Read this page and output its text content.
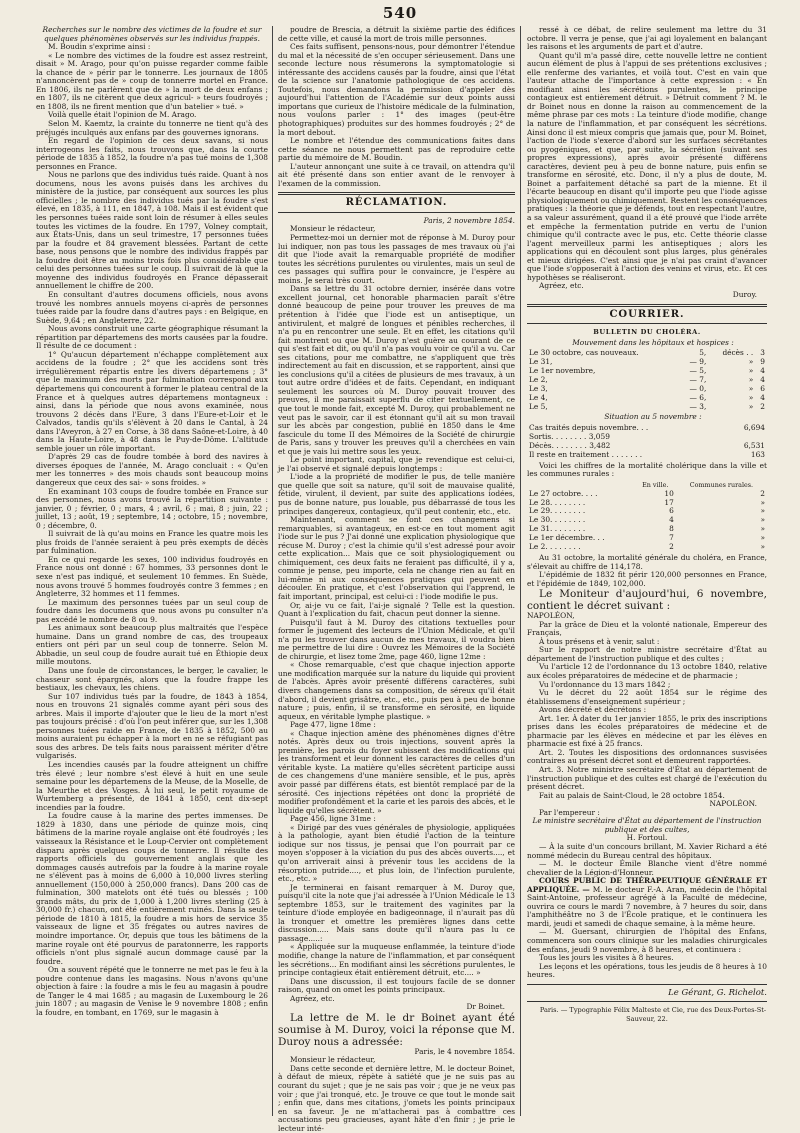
540

Recherches sur le nombre des victimes de la foudre et sur quelques phénomènes observés sur les individus frappés.

M. Boudin s'exprime ainsi :

« Le nombre des victimes de la foudre est assez restreint, disait » M. Arago, pour qu'on puisse regarder comme faible la chance de » périr par le tonnerre. Les journaux de 1805 n'annoncèrent pas de » coup de tonnerre mortel en France. En 1806, ils ne parlèrent que de » la mort de deux enfans ; en 1807, ils ne citèrent que deux agricul- » teurs foudroyés ; en 1808, ils ne firent mention que d'un batelier » tué. »

Voilà quelle était l'opinion de M. Arago.

Selon M. Kaemtz, la crainte du tonnerre ne tient qu'à des préjugés inculqués aux enfans par des gouvernes ignorans.

En regard de l'opinion de ces deux savans, si nous interrogeons les faits, nous trouvons que, dans la courte période de 1835 à 1852, la foudre n'a pas tué moins de 1,308 personnes en France.

Nous ne parlons que des individus tués raide. Quant à nos documens, nous les avons puisés dans les archives du ministère de la justice, par conséquent aux sources les plus officielles ; le nombre des individus tués par la foudre s'est élevé, en 1835, à 111, en 1847, à 108. Mais il est évident que les personnes tuées raide sont loin de résumer à elles seules toutes les victimes de la foudre. En 1797, Volney comptait, aux États-Unis, dans un seul trimestre, 17 personnes tuées par la foudre et 84 gravement blessées. Partant de cette base, nous pensons que le nombre des individus frappés par la foudre doit être au moins trois fois plus considérable que celui des personnes tuées sur le coup. Il suivrait de là que la moyenne des individus foudroyés en France dépasserait annuellement le chiffre de 200.

En consultant d'autres documens officiels, nous avons trouvé les nombres annuels moyens ci-après de personnes tuées raide par la foudre dans d'autres pays : en Belgique, en Suède, 9,64 ; en Angleterre, 22.

Nous avons construit une carte géographique résumant la répartition par départemens des morts causées par la foudre. Il résulte de ce document :

1° Qu'aucun département n'échappe complètement aux accidens de la foudre ; 2° que les accidens sont très irrégulièrement répartis entre les divers départemens ; 3° que le maximum des morts par fulmination correspond aux départemens qui concourent à former le plateau central de la France et à quelques autres départemens montagneux : ainsi, dans la période que nous avons examinée, nous trouvons 2 décès dans l'Eure, 3 dans l'Eure-et-Loir et le Calvados, tandis qu'ils s'élèvent à 20 dans le Cantal, à 24 dans l'Aveyron, à 27 en Corse, à 38 dans Saône-et-Loire, à 40 dans la Haute-Loire, à 48 dans le Puy-de-Dôme. L'altitude semble jouer un rôle important.

D'après 29 cas de foudre tombée à bord des navires à diverses époques de l'année, M. Arago concluait : « Qu'en mer les tonnerres » des mois chauds sont beaucoup moins dangereux que ceux des sai- » sons froides. »

En examinant 103 coups de foudre tombée en France sur des personnes, nous avons trouvé la répartition suivante : janvier, 0 ; février, 0 ; mars, 4 ; avril, 6 ; mai, 8 ; juin, 22 ; juillet, 13 ; août, 19 ; septembre, 14 ; octobre, 15 ; novembre, 0 ; décembre, 0.

Il suivrait de là qu'au moins en France les quatre mois les plus froids de l'année seraient à peu près exempts de décès par fulmination.

En ce qui regarde les sexes, 100 individus foudroyés en France nous ont donné : 67 hommes, 33 personnes dont le sexe n'est pas indiqué, et seulement 10 femmes. En Suède, nous avons trouvé 5 hommes foudroyés contre 3 femmes ; en Angleterre, 32 hommes et 11 femmes.

Le maximum des personnes tuées par un seul coup de foudre dans les documens que nous avons pu consulter n'a pas excédé le nombre de 8 ou 9.

Les animaux sont beaucoup plus maltraités que l'espèce humaine. Dans un grand nombre de cas, des troupeaux entiers ont péri par un seul coup de tonnerre. Selon M. Abbadie, un seul coup de foudre aurait tué en Éthiopie deux mille moutons.

Dans une foule de circonstances, le berger, le cavalier, le chasseur sont épargnés, alors que la foudre frappe les bestiaux, les chevaux, les chiens.

Sur 107 individus tués par la foudre, de 1843 à 1854, nous en trouvons 21 signalés comme ayant péri sous des arbres. Mais il importe d'ajouter que le lieu de la mort n'est pas toujours précisé : d'où l'on peut inférer que, sur les 1,308 personnes tuées raide en France, de 1835 à 1852, 500 au moins auraient pu échapper à la mort en ne se réfugiant pas sous des arbres. De tels faits nous paraissent mériter d'être vulgarisés.

Les incendies causés par la foudre atteignent un chiffre très élevé ; leur nombre s'est élevé à huit en une seule semaine pour les départemens de la Meuse, de la Moselle, de la Meurthe et des Vosges. À lui seul, le petit royaume de Wurtemberg a présenté, de 1841 à 1850, cent dix-sept incendies par la foudre.

La foudre cause à la marine des pertes immenses. De 1829 à 1830, dans une période de quinze mois, cinq bâtimens de la marine royale anglaise ont été foudroyés ; les vaisseaux la Résistance et le Loup-Cervier ont complètement disparu après quelques coups de tonnerre. Il résulte des rapports officiels du gouvernement anglais que les dommages causés autrefois par la foudre à la marine royale ne s'élèvent pas à moins de 6,000 à 10,000 livres sterling annuellement (150,000 à 250,000 francs). Dans 200 cas de fulmination, 300 matelots ont été tués ou blessés ; 100 grands mâts, du prix de 1,000 à 1,200 livres sterling (25 à 30,000 fr.) chacun, ont été entièrement ruinés. Dans la seule période de 1810 à 1815, la foudre a mis hors de service 35 vaisseaux de ligne et 35 frégates ou autres navires de moindre importance. Or, depuis que tous les bâtimens de la marine royale ont été pourvus de paratonnerre, les rapports officiels n'ont plus signalé aucun dommage causé par la foudre.

On a souvent répété que le tonnerre ne met pas le feu à la poudre contenue dans les magasins. Nous n'avons qu'une objection à faire : la foudre a mis le feu au magasin à poudre de Tanger le 4 mai 1685 ; au magasin de Luxembourg le 26 juin 1807 ; au magasin de Venise le 9 novembre 1808 ; enfin la foudre, en tombant, en 1769, sur le magasin à

poudre de Brescia, a détruit la sixième partie des édifices de cette ville, et causé la mort de trois mille personnes.

Ces faits suffisent, pensons-nous, pour démontrer l'étendue du mal et la nécessité de s'en occuper sérieusement. Dans une seconde lecture nous résumerons la symptomatologie si intéressante des accidens causés par la foudre, ainsi que l'état de la science sur l'anatomie pathologique de ces accidens. Toutefois, nous demandons la permission d'appeler dès aujourd'hui l'attention de l'Académie sur deux points aussi importans que curieux de l'histoire médicale de la fulmination, nous voulons parler : 1° des images (peut-être photographiques) produites sur des hommes foudroyés ; 2° de la mort debout.

Le nombre et l'étendue des communications faites dans cette séance ne nous permettent pas de reproduire cette partie du mémoire de M. Boudin.

L'auteur annonçant une suite à ce travail, on attendra qu'il ait été présenté dans son entier avant de le renvoyer à l'examen de la commission.

RÉCLAMATION.

Paris, 2 novembre 1854.

Monsieur le rédacteur,

Permettez-moi un dernier mot de réponse à M. Duroy pour lui indiquer, non pas tous les passages de mes travaux où j'ai dit que l'iode avait la remarquable propriété de modifier toutes les sécrétions purulentes ou virulentes, mais un seul de ces passages qui suffira pour le convaincre, je l'espère au moins. Je serai très court.

Dans sa lettre du 31 octobre dernier, insérée dans votre excellent journal, cet honorable pharmacien paraît s'être donné beaucoup de peine pour trouver les preuves de ma prétention à l'idée que l'iode est un antiseptique, un antivirulent, et malgré de longues et pénibles recherches, il n'a pu en rencontrer une seule. Et en effet, les citations qu'il fait montrent ou que M. Duroy n'est guère au courant de ce qui s'est fait et dit, ou qu'il n'a pas voulu voir ce qu'il a vu. Car ses citations, pour me combattre, ne s'appliquent que très indirectement au fait en discussion, et se rapportent, ainsi que les conclusions qu'il a citées de plusieurs de mes travaux, à un tout autre ordre d'idées et de faits. Cependant, en indiquant seulement les sources où M. Duroy pouvait trouver des preuves, il me paraissait superflu de citer textuellement, ce que tout le monde fait, excepté M. Duroy, qui probablement ne veut pas le savoir, car il est étonnant qu'il ait su mon travail sur les abcès par congestion, publié en 1850 dans le 4me fascicule du tome II des Mémoires de la Société de chirurgie de Paris, sans y trouver les preuves qu'il a cherchées en vain et que je vais lui mettre sous les yeux.

Le point important, capital, que je revendique est celui-ci, je l'ai observé et signalé depuis longtemps :

L'iode a la propriété de modifier le pus, de telle manière que quelle que soit sa nature, qu'il soit de mauvaise qualité, fétide, virulent, il devient, par suite des applications iodées, pus de bonne nature, pus louable, pus débarrassé de tous les principes dangereux, contagieux, qu'il peut contenir, etc., etc.

Maintenant, comment se font ces changemens si remarquables, si avantageux, en est-ce en tout moment agit l'iode sur le pus ? J'ai donné une explication physiologique que récuse M. Duroy ; c'est la chimie qu'il s'est adressé pour avoir cette explication... Mais que ce soit physiologiquement ou chimiquement, ces deux faits ne feraient pas difficulté, il y a, comme je pense, peu importe, cela ne change rien au fait en lui-même ni aux conséquences pratiques qui peuvent en découler. En pratique, et c'est l'observation qui l'apprend, le fait important, principal, est celui-ci : l'iode modifie le pus.

Or, ai-je vu ce fait, l'ai-je signalé ? Telle est la question. Quant à l'explication du fait, chacun peut donner la sienne.

Puisqu'il faut à M. Duroy des citations textuelles pour former le jugement des lecteurs de l'Union Médicale, et qu'il n'a pu les trouver dans aucun de mes travaux, il voudra bien me permettre de lui dire : Ouvrez les Mémoires de la Société de chirurgie, et lisez tome 2me, page 460, ligne 12me :

« Chose remarquable, c'est que chaque injection apporte une modification marquée sur la nature du liquide qui provient de l'abcès. Après avoir présenté différens caractères, subi divers changemens dans sa composition, de séreux qu'il était d'abord, il devient grisâtre, etc., etc., puis peu à peu de bonne nature ; puis, enfin, il se transforme en sérosité, en liquide aqueux, en véritable lymphe plastique. »

Page 477, ligne 18me :

« Chaque injection amène des phénomènes dignes d'être notés. Après deux ou trois injections, souvent après la première, les parois du foyer subissent des modifications qui les transforment et leur donnent les caractères de celles d'un véritable kyste. La matière qu'elles sécrètent participe aussi de ces changemens d'une manière sensible, et le pus, après avoir passé par différens états, est bientôt remplacé par de la sérosité. Ces injections répétées ont donc la propriété de modifier profondément et la carie et les parois des abcès, et le liquide qu'elles sécrètent. »

Page 456, ligne 31me :

« Dirigé par des vues générales de physiologie, appliquées à la pathologie, ayant bien étudié l'action de la teinture iodique sur nos tissus, je pensai que l'on pourrait par ce moyen s'opposer à la viciation du pus des abcès ouverts...., et qu'on arriverait ainsi à prévenir tous les accidens de la résorption putride...., et plus loin, de l'infection purulente, etc., etc. »

Je terminerai en faisant remarquer à M. Duroy que, puisqu'il cite la note que j'ai adressée à l'Union Médicale le 13 septembre 1853, sur le traitement des vaginites par la teinture d'iode employée en badigeonnage, il n'aurait pas dû la tronquer et omettre les premières lignes dans cette discussion..... Mais sans doute qu'il n'aura pas lu ce passage.....:

« Appliquée sur la muqueuse enflammée, la teinture d'iode modifie, change la nature de l'inflammation, et par conséquent les sécrétions... En modifiant ainsi les sécrétions purulentes, le principe contagieux était entièrement détruit, etc.... »

Dans une discussion, il est toujours facile de se donner raison, quand on omet les points principaux.

Agréez, etc.

Dr Boinet.

La lettre de M. le dr Boinet ayant été soumise à M. Duroy, voici la réponse que M. Duroy nous a adressée:

Paris, le 4 novembre 1854.

Monsieur le rédacteur,

Dans cette seconde et dernière lettre, M. le docteur Boinet, à défaut de mieux, répète à satiété que je ne suis pas au courant du sujet ; que je ne sais pas voir ; que je ne veux pas voir ; que j'ai tronqué, etc. Je trouve ce que tout le monde sait ; enfin que, dans mes citations, j'omets les points principaux en sa faveur. Je ne m'attacherai pas à combattre ces accusations peu gracieuses, ayant hâte d'en finir ; je prie le lecteur inté-

ressé à ce débat, de relire seulement ma lettre du 31 octobre. Il verra je pense, que j'ai agi loyalement en balançant les raisons et les arguments de part et d'autre.

Quant qu'il m'a passé dire, cette nouvelle lettre ne contient aucun élément de plus à l'appui de ses prétentions exclusives ; elle renferme des variantes, et voilà tout. C'est en vain que l'auteur attache de l'importance à cette expression : « En modifiant ainsi les sécrétions purulentes, le principe contagieux est entièrement détruit. » Détruit comment ? M. le dr Boinet nous en donne la raison au commencement de la même phrase par ces mots : La teinture d'iode modifie, change la nature de l'inflammation, et par conséquent les sécrétions. Ainsi donc il est mieux compris que jamais que, pour M. Boinet, l'action de l'iode s'exerce d'abord sur les surfaces sécrétantes ou pyogéniques, et que, par suite, la sécrétion (suivant ses propres expressions), après avoir présenté différens caractères, devient peu à peu de bonne nature, puis enfin se transforme en sérosité, etc. Donc, il n'y a plus de doute, M. Boinet a parfaitement détaché sa part de la mienne. Et il l'écarte beaucoup en disant qu'il importe peu que l'iode agisse physiologiquement ou chimiquement. Restent les conséquences pratiques : la théorie que je défends, tout en respectant l'autre, a sa valeur assurément, quand il a été prouvé que l'iode arrête et empêche la fermentation putride en vertu de l'union chimique qu'il contracte avec le pus, etc. Cette théorie classe l'agent merveilleux parmi les antiseptiques ; alors les applications qui en découlent sont plus larges, plus générales et mieux dirigées. C'est ainsi que je n'ai pas craint d'avancer que l'iode s'opposerait à l'action des venins et virus, etc. Et ces hypothèses se réaliseront.

Agréez, etc.

Duroy.

COURRIER.
BULLETIN DU CHOLÉRA.

Mouvement dans les hôpitaux et hospices :

Le 30 octobre, cas nouveaux.	5,	décès . .	3
Le 31,	— 9,	»	9
Le 1er novembre,	— 5,	»	4
Le 2,	— 7,	»	4
Le 3,	— 0,	»	6
Le 4,	— 6,	»	4
Le 5,	— 3,	»	2

Situation au 5 novembre :

Cas traités depuis novembre. . .	6,694
Sortis. . . . . . . . 3,059	
Décès. . . . . . . . 3,482	6,531
Il reste en traitement . . . . . . .	163

Voici les chiffres de la mortalité cholérique dans la ville et les communes rurales :

	En ville.	Communes rurales.
Le 27 octobre. . . .	10	2
Le 28. . . . . . . .	17	»
Le 29. . . . . . . .	6	»
Le 30. . . . . . . .	4	»
Le 31. . . . . . . .	8	»
Le 1er décembre. . .	7	»
Le 2. . . . . . . .	2	»

Au 31 octobre, la mortalité générale du choléra, en France, s'élevait au chiffre de 114,178.

L'épidémie de 1832 fit périr 120,000 personnes en France, et l'épidémie de 1849, 102,000.

Le Moniteur d'aujourd'hui, 6 novembre, contient le décret suivant :

NAPOLÉON,

Par la grâce de Dieu et la volonté nationale, Empereur des Français,

À tous présens et à venir, salut :

Sur le rapport de notre ministre secrétaire d'État au département de l'instruction publique et des cultes ;

Vu l'article 12 de l'ordonnance du 13 octobre 1840, relative aux écoles préparatoires de médecine et de pharmacie ;

Vu l'ordonnance du 13 mars 1842 ;

Vu le décret du 22 août 1854 sur le régime des établissemens d'enseignement supérieur ;

Avons décrété et décrétons :

Art. 1er. À dater du 1er janvier 1855, le prix des inscriptions prises dans les écoles préparatoires de médecine et de pharmacie par les élèves en médecine et par les élèves en pharmacie est fixé à 25 francs.

Art. 2. Toutes les dispositions des ordonnances susvisées contraires au présent décret sont et demeurent rapportées.

Art. 3. Notre ministre secrétaire d'État au département de l'instruction publique et des cultes est chargé de l'exécution du présent décret.

Fait au palais de Saint-Cloud, le 28 octobre 1854.

NAPOLÉON.

Par l'empereur :

Le ministre secrétaire d'État au département de l'instruction publique et des cultes,

H. Fortoul.

— À la suite d'un concours brillant, M. Xavier Richard a été nommé médecin du Bureau central des hôpitaux.

— M. le docteur Émile Blanche vient d'être nommé chevalier de la Légion-d'Honneur.

COURS PUBLIC DE THÉRAPEUTIQUE GÉNÉRALE ET APPLIQUÉE. — M. le docteur F.-A. Aran, médecin de l'hôpital Saint-Antoine, professeur agrégé à la Faculté de médecine, ouvrira ce cours le mardi 7 novembre, à 7 heures du soir, dans l'amphithéâtre no 3 de l'École pratique, et le continuera les mardi, jeudi et samedi de chaque semaine, à la même heure.

— M. Guersant, chirurgien de l'hôpital des Enfans, commencera son cours clinique sur les maladies chirurgicales des enfans, jeudi 9 novembre, à 8 heures, et continuera :

Tous les jours les visites à 8 heures.

Les leçons et les opérations, tous les jeudis de 8 heures à 10 heures.

Le Gérant, G. Richelot.

Paris. — Typographie Félix Malteste et Cie, rue des Deux-Portes-St-Sauveur, 22.
